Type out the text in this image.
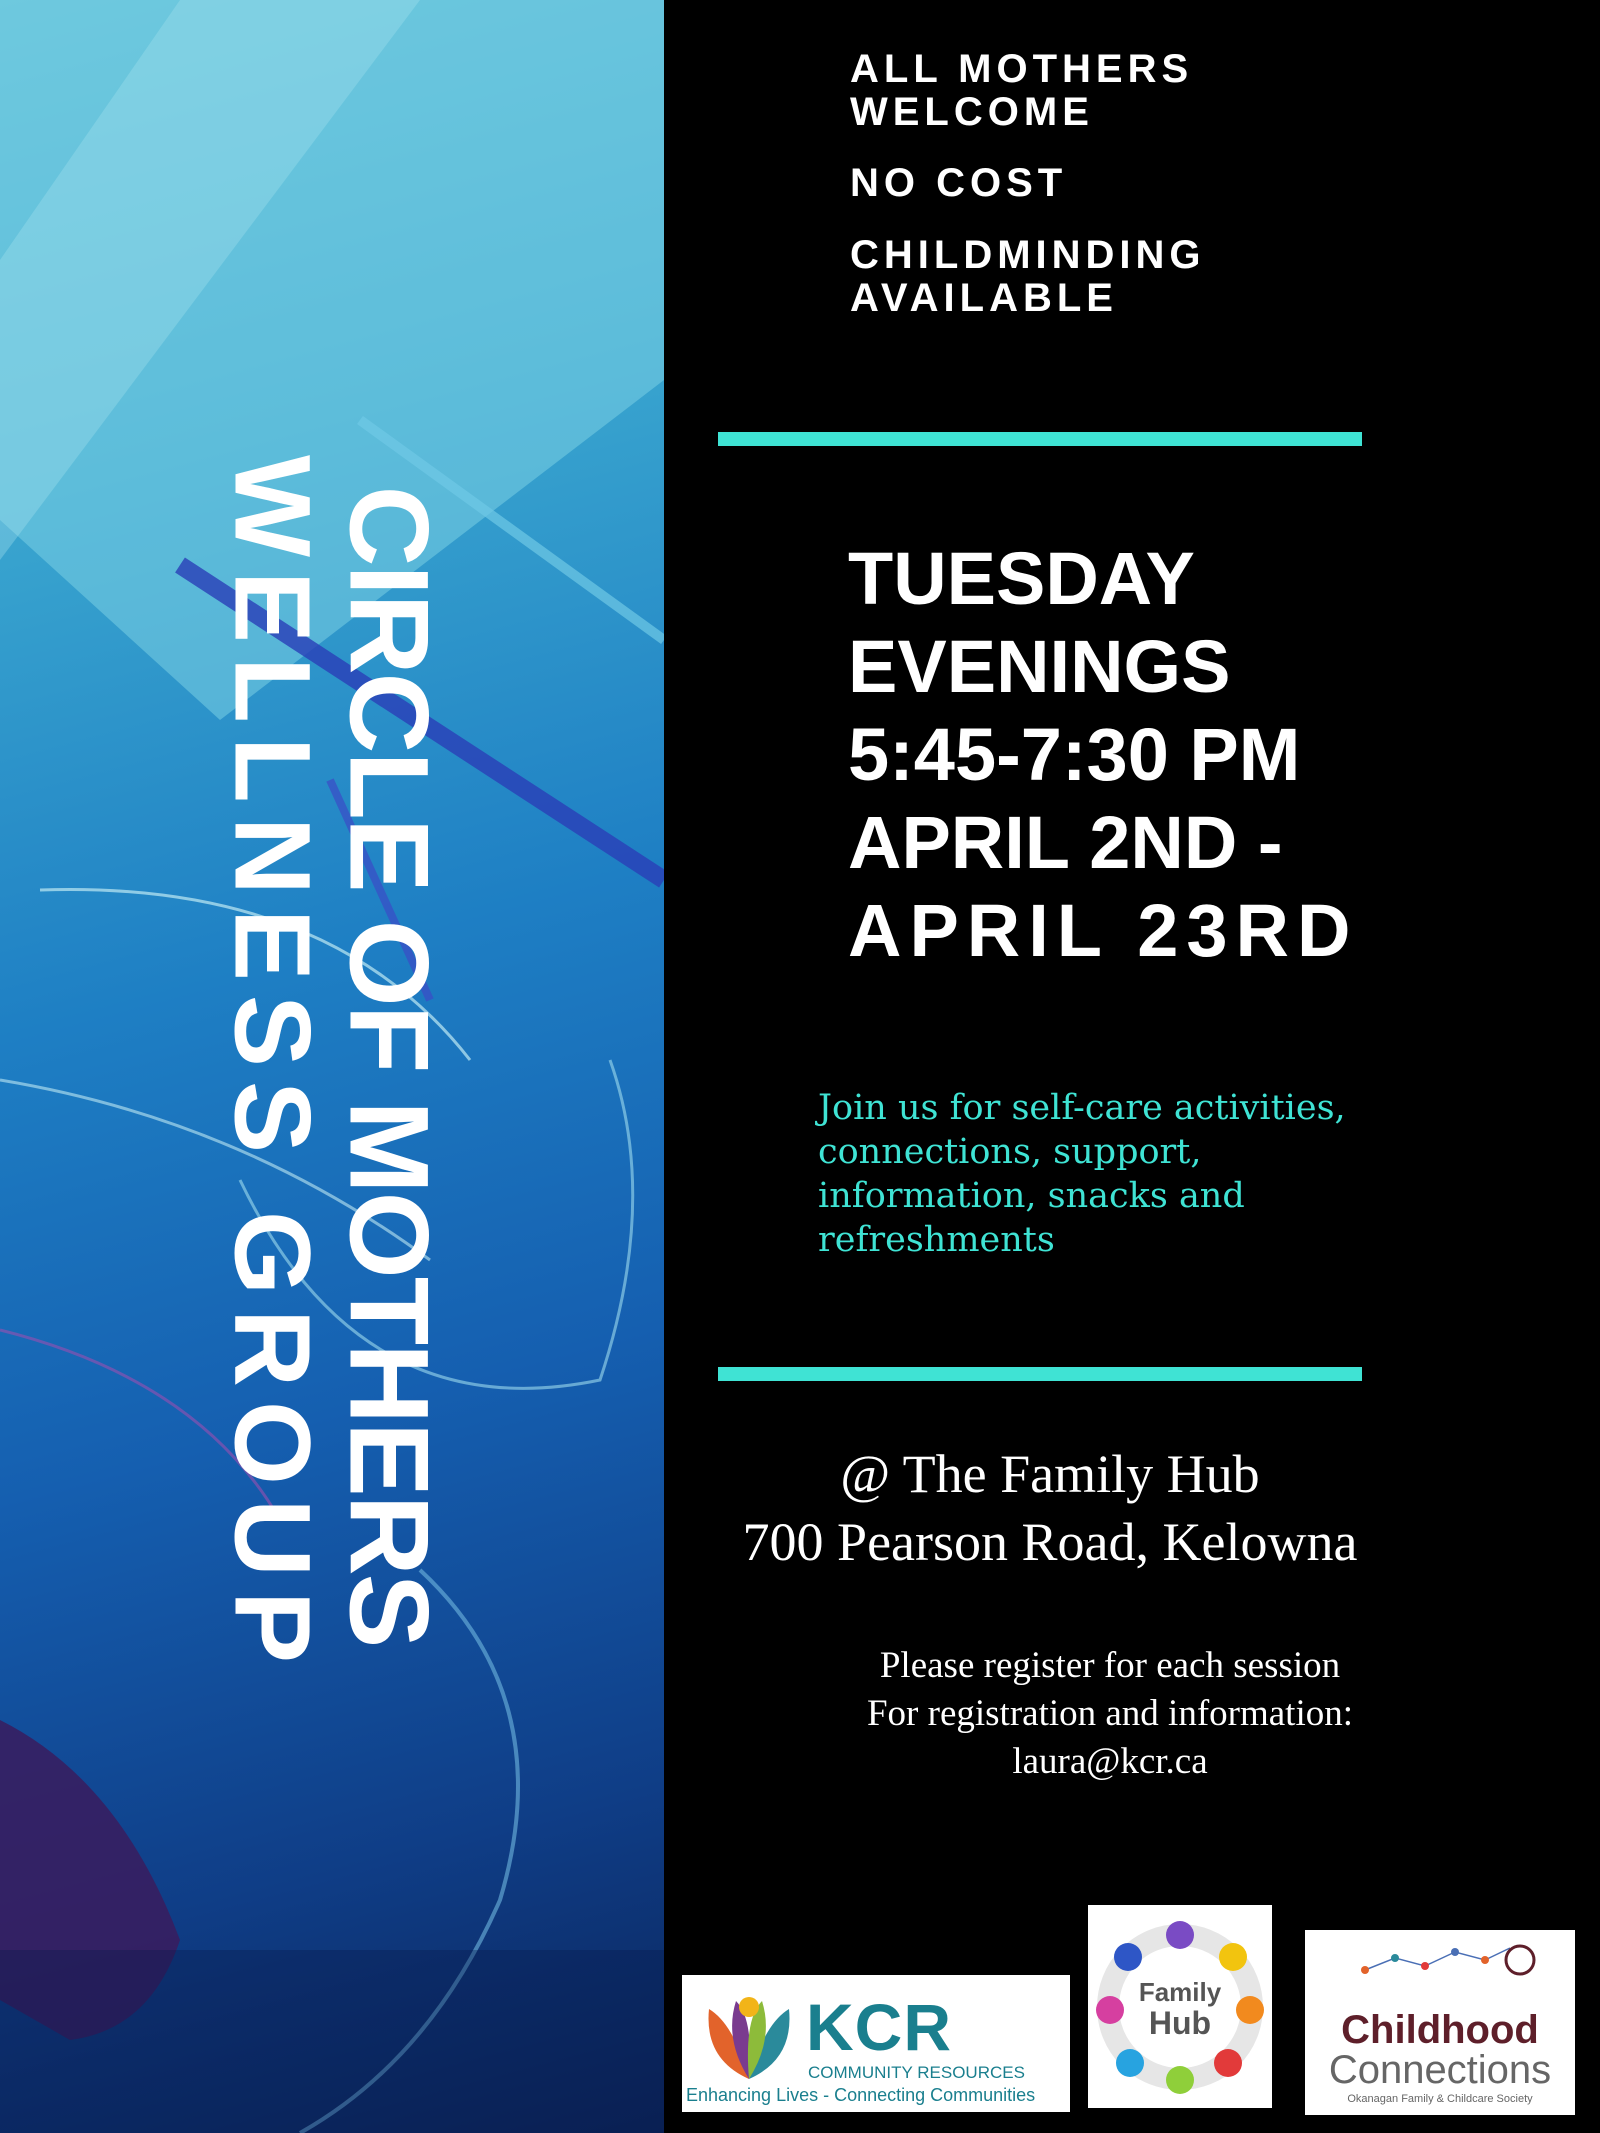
CIRCLE OF MOTHERS
WELLNESS GROUP
ALL MOTHERS WELCOME
NO COST
CHILDMINDING AVAILABLE
TUESDAY
EVENINGS
5:45-7:30 PM
APRIL 2ND -
APRIL 23RD
Join us for self-care activities, connections, support, information, snacks and refreshments
@ The Family Hub
700 Pearson Road, Kelowna
Please register for each session
For registration and information:
laura@kcr.ca
KCR
COMMUNITY RESOURCES
Enhancing Lives - Connecting Communities
Family
Hub	Childhood
Connections
Okanagan Family & Childcare Society
